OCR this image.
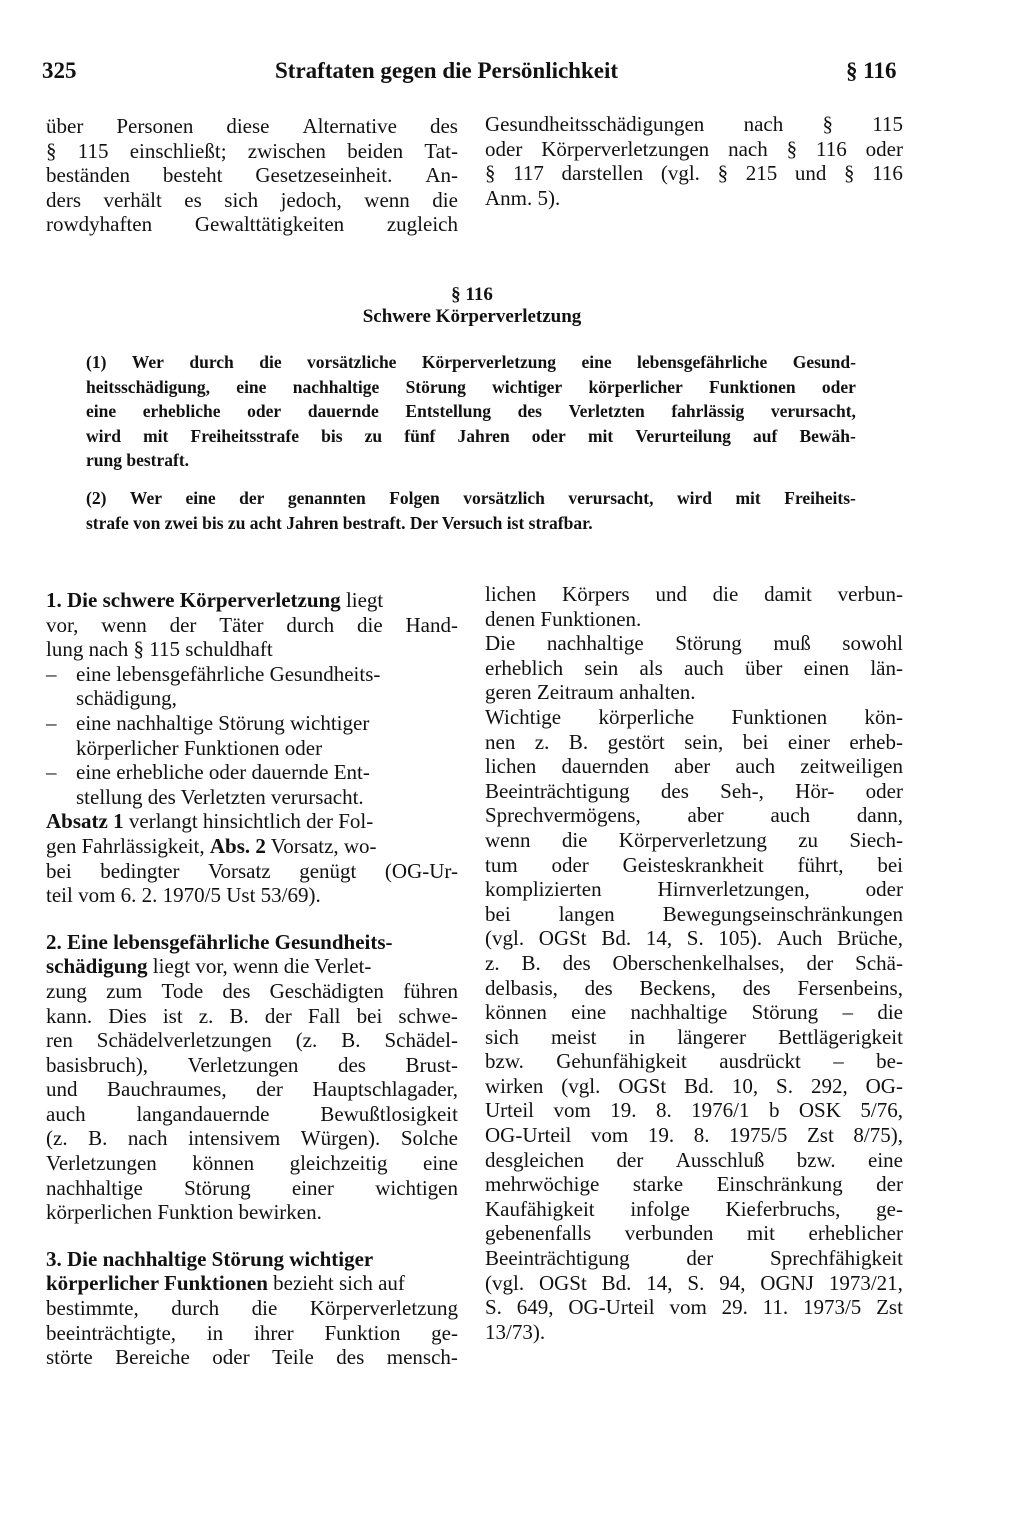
325	Straftaten gegen die Persönlichkeit	§ 116
über Personen diese Alternative des
§ 115 einschließt; zwischen beiden Tat-
beständen besteht Gesetzeseinheit. An-
ders verhält es sich jedoch, wenn die
rowdyhaften Gewalttätigkeiten zugleich
Gesundheitsschädigungen nach § 115
oder Körperverletzungen nach § 116 oder
§ 117 darstellen (vgl. § 215 und § 116
Anm. 5).
§ 116
Schwere Körperverletzung
(1) Wer durch die vorsätzliche Körperverletzung eine lebensgefährliche Gesund-
heitsschädigung, eine nachhaltige Störung wichtiger körperlicher Funktionen oder
eine erhebliche oder dauernde Entstellung des Verletzten fahrlässig verursacht,
wird mit Freiheitsstrafe bis zu fünf Jahren oder mit Verurteilung auf Bewäh-
rung bestraft.
(2) Wer eine der genannten Folgen vorsätzlich verursacht, wird mit Freiheits-
strafe von zwei bis zu acht Jahren bestraft. Der Versuch ist strafbar.
1. Die schwere Körperverletzung liegt
vor, wenn der Täter durch die Hand-
lung nach § 115 schuldhaft
– eine lebensgefährliche Gesundheits-
schädigung,
– eine nachhaltige Störung wichtiger
körperlicher Funktionen oder
– eine erhebliche oder dauernde Ent-
stellung des Verletzten verursacht.
Absatz 1 verlangt hinsichtlich der Fol-
gen Fahrlässigkeit, Abs. 2 Vorsatz, wo-
bei bedingter Vorsatz genügt (OG-Ur-
teil vom 6. 2. 1970/5 Ust 53/69).
2. Eine lebensgefährliche Gesundheits-
schädigung liegt vor, wenn die Verlet-
zung zum Tode des Geschädigten führen
kann. Dies ist z. B. der Fall bei schwe-
ren Schädelverletzungen (z. B. Schädel-
basisbruch), Verletzungen des Brust-
und Bauchraumes, der Hauptschlagader,
auch langandauernde Bewußtlosigkeit
(z. B. nach intensivem Würgen). Solche
Verletzungen können gleichzeitig eine
nachhaltige Störung einer wichtigen
körperlichen Funktion bewirken.
3. Die nachhaltige Störung wichtiger
körperlicher Funktionen bezieht sich auf
bestimmte, durch die Körperverletzung
beeinträchtigte, in ihrer Funktion ge-
störte Bereiche oder Teile des mensch-
lichen Körpers und die damit verbun-
denen Funktionen.
Die nachhaltige Störung muß sowohl
erheblich sein als auch über einen län-
geren Zeitraum anhalten.
Wichtige körperliche Funktionen kön-
nen z. B. gestört sein, bei einer erheb-
lichen dauernden aber auch zeitweiligen
Beeinträchtigung des Seh-, Hör- oder
Sprechvermögens, aber auch dann,
wenn die Körperverletzung zu Siech-
tum oder Geisteskrankheit führt, bei
komplizierten	Hirnverletzungen,	oder
bei langen Bewegungseinschränkungen
(vgl. OGSt Bd. 14, S. 105). Auch Brüche,
z. B. des Oberschenkelhalses, der Schä-
delbasis, des Beckens, des Fersenbeins,
können eine nachhaltige Störung – die
sich meist in längerer Bettlägerigkeit
bzw. Gehunfähigkeit ausdrückt – be-
wirken (vgl. OGSt Bd. 10, S. 292, OG-
Urteil vom 19. 8. 1976/1 b OSK 5/76,
OG-Urteil vom 19. 8. 1975/5 Zst 8/75),
desgleichen der Ausschluß bzw. eine
mehrwöchige starke Einschränkung der
Kaufähigkeit infolge Kieferbruchs, ge-
gebenenfalls verbunden mit erheblicher
Beeinträchtigung	der	Sprechfähigkeit
(vgl. OGSt Bd. 14, S. 94, OGNJ 1973/21,
S. 649, OG-Urteil vom 29. 11. 1973/5 Zst
13/73).
